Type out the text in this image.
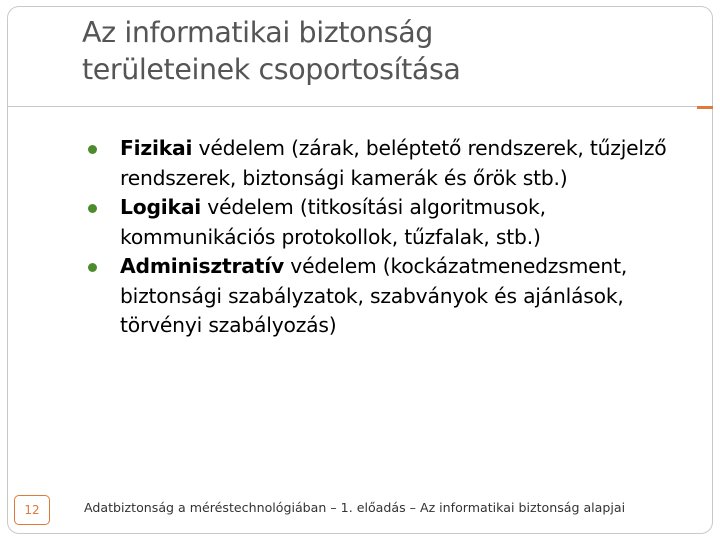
Az informatikai biztonság
területeinek csoportosítása
Fizikai védelem (zárak, beléptető rendszerek, tűzjelző rendszerek, biztonsági kamerák és őrök stb.)
Logikai védelem (titkosítási algoritmusok, kommunikációs protokollok, tűzfalak, stb.)
Adminisztratív védelem (kockázatmenedzsment, biztonsági szabályzatok, szabványok és ajánlások, törvényi szabályozás)
12	Adatbiztonság a méréstechnológiában – 1. előadás – Az informatikai biztonság alapjai
